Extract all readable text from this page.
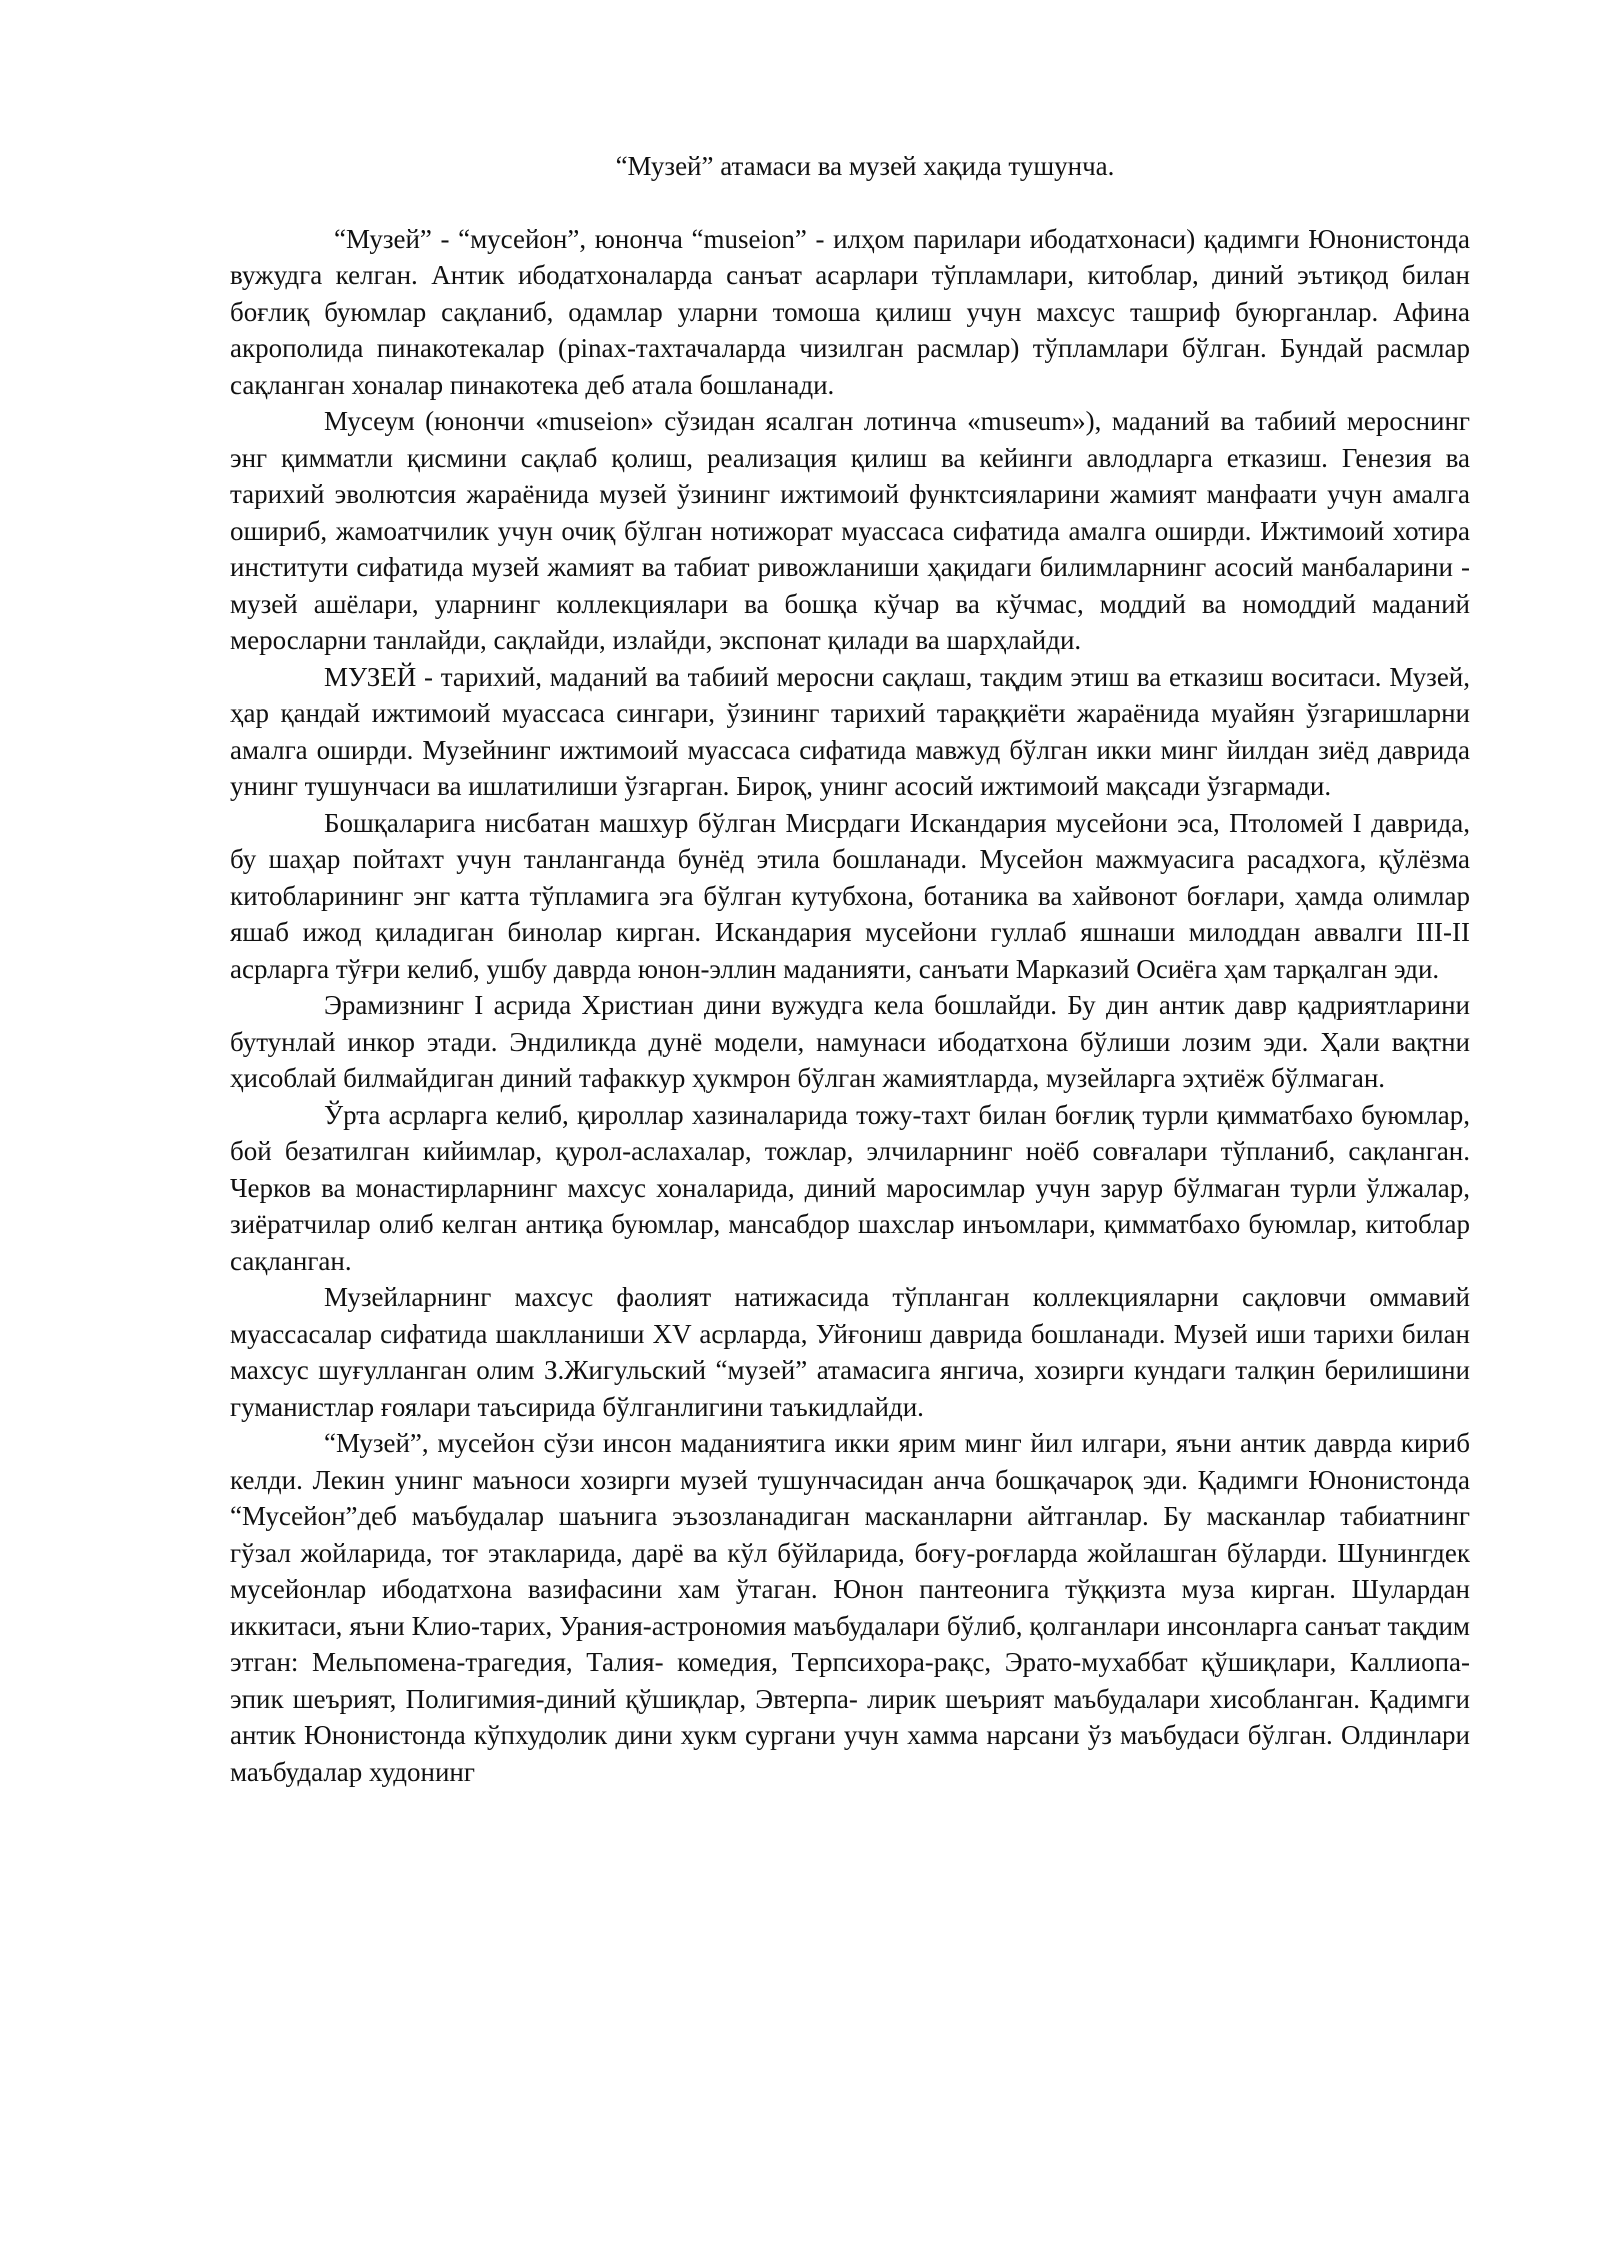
“Музей” атамаси ва музей хақида тушунча.

“Музей” - “мусейон”, юнонча “museion” - илҳом парилари ибодатхонаси) қадимги Юнонистонда вужудга келган. Антик ибодатхоналарда санъат асарлари тўпламлари, китоблар, диний эътиқод билан боғлиқ буюмлар сақланиб, одамлар уларни томоша қилиш учун махсус ташриф буюрганлар. Афина акрополида пинакотекалар (pinax-тахтачаларда чизилган расмлар) тўпламлари бўлган. Бундай расмлар сақланган хоналар пинакотека деб атала бошланади.

Мусеум (юнончи «museion» сўзидан ясалган лотинча «museum»), маданий ва табиий мероснинг энг қимматли қисмини сақлаб қолиш, реализация қилиш ва кейинги авлодларга етказиш. Генезия ва тарихий эволютсия жараёнида музей ўзининг ижтимоий функтсияларини жамият манфаати учун амалга ошириб, жамоатчилик учун очиқ бўлган нотижорат муассаса сифатида амалга оширди. Ижтимоий хотира институти сифатида музей жамият ва табиат ривожланиши ҳақидаги билимларнинг асосий манбаларини - музей ашёлари, уларнинг коллекциялари ва бошқа кўчар ва кўчмас, моддий ва номоддий маданий меросларни танлайди, сақлайди, излайди, экспонат қилади ва шарҳлайди.

МУЗЕЙ - тарихий, маданий ва табиий меросни сақлаш, тақдим этиш ва етказиш воситаси. Музей, ҳар қандай ижтимоий муассаса сингари, ўзининг тарихий тараққиёти жараёнида муайян ўзгаришларни амалга оширди. Музейнинг ижтимоий муассаса сифатида мавжуд бўлган икки минг йилдан зиёд даврида унинг тушунчаси ва ишлатилиши ўзгарган. Бироқ, унинг асосий ижтимоий мақсади ўзгармади.

Бошқаларига нисбатан машхур бўлган Мисрдаги Искандария мусейони эса, Птоломей I даврида, бу шаҳар пойтахт учун танланганда бунёд этила бошланади. Мусейон мажмуасига расадхога, қўлёзма китобларининг энг катта тўпламига эга бўлган кутубхона, ботаника ва хайвонот боғлари, ҳамда олимлар яшаб ижод қиладиган бинолар кирган. Искандария мусейони гуллаб яшнаши милоддан аввалги III-II асрларга тўғри келиб, ушбу даврда юнон-эллин маданияти, санъати Марказий Осиёга ҳам тарқалган эди.

Эрамизнинг I асрида Христиан дини вужудга кела бошлайди. Бу дин антик давр қадриятларини бутунлай инкор этади. Эндиликда дунё модели, намунаси ибодатхона бўлиши лозим эди. Ҳали вақтни ҳисоблай билмайдиган диний тафаккур ҳукмрон бўлган жамиятларда, музейларга эҳтиёж бўлмаган.

Ўрта асрларга келиб, қироллар хазиналарида тожу-тахт билан боғлиқ турли қимматбахо буюмлар, бой безатилган кийимлар, қурол-аслахалар, тожлар, элчиларнинг ноёб совғалари тўпланиб, сақланган. Черков ва монастирларнинг махсус хоналарида, диний маросимлар учун зарур бўлмаган турли ўлжалар, зиёратчилар олиб келган антиқа буюмлар, мансабдор шахслар инъомлари, қимматбахо буюмлар, китоблар сақланган.

Музейларнинг махсус фаолият натижасида тўпланган коллекцияларни сақловчи оммавий муассасалар сифатида шаклланиши XV асрларда, Уйғониш даврида бошланади. Музей иши тарихи билан махсус шуғулланган олим З.Жигульский “музей” атамасига янгича, хозирги кундаги талқин берилишини гуманистлар ғоялари таъсирида бўлганлигини таъкидлайди.

“Музей”, мусейон сўзи инсон маданиятига икки ярим минг йил илгари, яъни антик даврда кириб келди. Лекин унинг маъноси хозирги музей тушунчасидан анча бошқачароқ эди. Қадимги Юнонистонда “Мусейон”деб маъбудалар шаънига эъзозланадиган масканларни айтганлар. Бу масканлар табиатнинг гўзал жойларида, тоғ этакларида, дарё ва кўл бўйларида, боғу-роғларда жойлашган бўларди. Шунингдек мусейонлар ибодатхона вазифасини хам ўтаган. Юнон пантеонига тўққизта муза кирган. Шулардан иккитаси, яъни Клио-тарих, Урания-астрономия маъбудалари бўлиб, қолганлари инсонларга санъат тақдим этган: Мельпомена-трагедия, Талия- комедия, Терпсихора-рақс, Эрато-мухаббат қўшиқлари, Каллиопа-эпик шеърият, Полигимия-диний қўшиқлар, Эвтерпа- лирик шеърият маъбудалари хисобланган. Қадимги антик Юнонистонда кўпхудолик дини хукм сургани учун хамма нарсани ўз маъбудаси бўлган. Олдинлари маъбудалар худонинг
